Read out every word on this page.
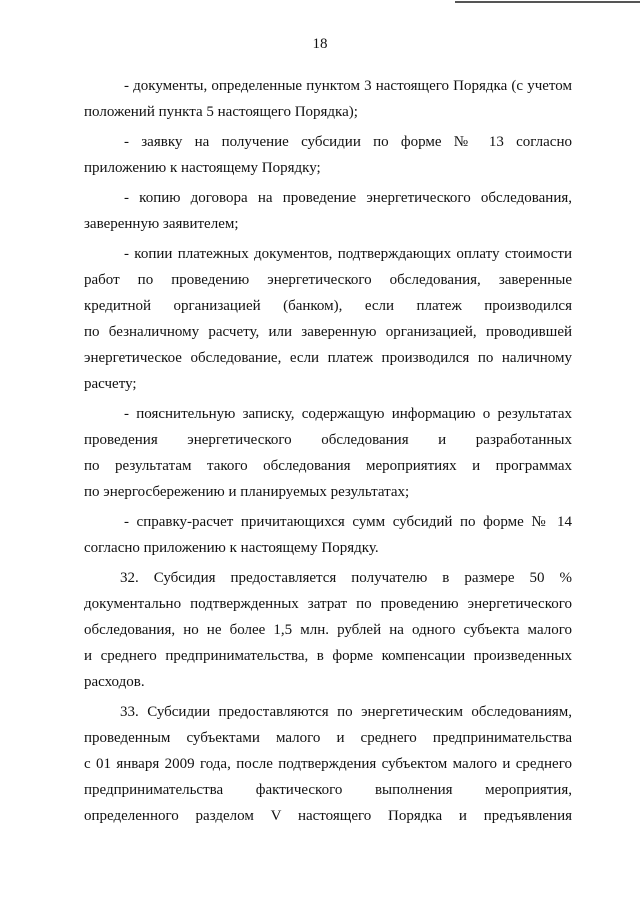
18
- документы, определенные пунктом 3 настоящего Порядка (с учетом
положений пункта 5 настоящего Порядка);
- заявку на получение субсидии по форме № 13 согласно
приложению к настоящему Порядку;
- копию договора на проведение энергетического обследования,
заверенную заявителем;
- копии платежных документов, подтверждающих оплату стоимости
работ по проведению энергетического обследования, заверенные
кредитной организацией (банком), если платеж производился
по безналичному расчету, или заверенную организацией, проводившей
энергетическое обследование, если платеж производился по наличному
расчету;
- пояснительную записку, содержащую информацию о результатах
проведения энергетического обследования и разработанных
по результатам такого обследования мероприятиях и программах
по энергосбережению и планируемых результатах;
- справку-расчет причитающихся сумм субсидий по форме № 14
согласно приложению к настоящему Порядку.
32. Субсидия предоставляется получателю в размере 50 %
документально подтвержденных затрат по проведению энергетического
обследования, но не более 1,5 млн. рублей на одного субъекта малого
и среднего предпринимательства, в форме компенсации произведенных
расходов.
33. Субсидии предоставляются по энергетическим обследованиям,
проведенным субъектами малого и среднего предпринимательства
с 01 января 2009 года, после подтверждения субъектом малого и среднего
предпринимательства фактического выполнения мероприятия,
определенного разделом V настоящего Порядка и предъявления
